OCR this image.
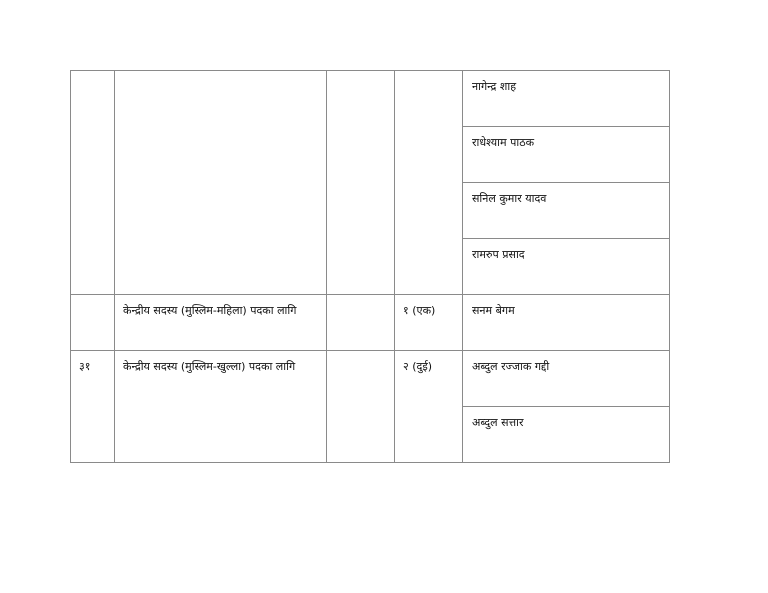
				नागेन्द्र शाह

				राधेश्याम पाठक

				सनिल कुमार यादव

				रामरुप प्रसाद

	केन्द्रीय सदस्य (मुस्लिम-महिला) पदका लागि		१ (एक)	सनम बेगम

३१	केन्द्रीय सदस्य (मुस्लिम-खुल्ला) पदका लागि		२ (दुई)	अब्दुल रज्जाक गद्दी

				अब्दुल सत्तार
